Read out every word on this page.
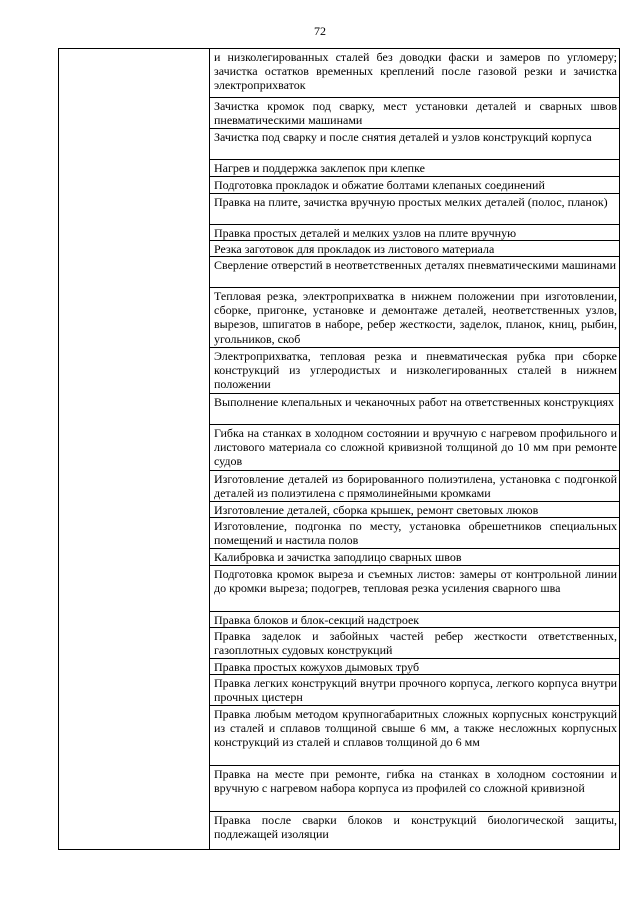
72
и низколегированных сталей без доводки фаски и замеров по угломеру; зачистка остатков временных креплений после газовой резки и зачистка электроприхваток
Зачистка кромок под сварку, мест установки деталей и сварных швов пневматическими машинами
Зачистка под сварку и после снятия деталей и узлов конструкций корпуса
Нагрев и поддержка заклепок при клепке
Подготовка прокладок и обжатие болтами клепаных соединений
Правка на плите, зачистка вручную простых мелких деталей (полос, планок)
Правка простых деталей и мелких узлов на плите вручную
Резка заготовок для прокладок из листового материала
Сверление отверстий в неответственных деталях пневматическими машинами
Тепловая резка, электроприхватка в нижнем положении при изготовлении, сборке, пригонке, установке и демонтаже деталей, неответственных узлов, вырезов, шпигатов в наборе, ребер жесткости, заделок, планок, книц, рыбин, угольников, скоб
Электроприхватка, тепловая резка и пневматическая рубка при сборке конструкций из углеродистых и низколегированных сталей в нижнем положении
Выполнение клепальных и чеканочных работ на ответственных конструкциях
Гибка на станках в холодном состоянии и вручную с нагревом профильного и листового материала со сложной кривизной толщиной до 10 мм при ремонте судов
Изготовление деталей из борированного полиэтилена, установка с подгонкой деталей из полиэтилена с прямолинейными кромками
Изготовление деталей, сборка крышек, ремонт световых люков
Изготовление, подгонка по месту, установка обрешетников специальных помещений и настила полов
Калибровка и зачистка заподлицо сварных швов
Подготовка кромок выреза и съемных листов: замеры от контрольной линии до кромки выреза; подогрев, тепловая резка усиления сварного шва
Правка блоков и блок-секций надстроек
Правка заделок и забойных частей ребер жесткости ответственных, газоплотных судовых конструкций
Правка простых кожухов дымовых труб
Правка легких конструкций внутри прочного корпуса, легкого корпуса внутри прочных цистерн
Правка любым методом крупногабаритных сложных корпусных конструкций из сталей и сплавов толщиной свыше 6 мм, а также несложных корпусных конструкций из сталей и сплавов толщиной до 6 мм
Правка на месте при ремонте, гибка на станках в холодном состоянии и вручную с нагревом набора корпуса из профилей со сложной кривизной
Правка после сварки блоков и конструкций биологической защиты, подлежащей изоляции
